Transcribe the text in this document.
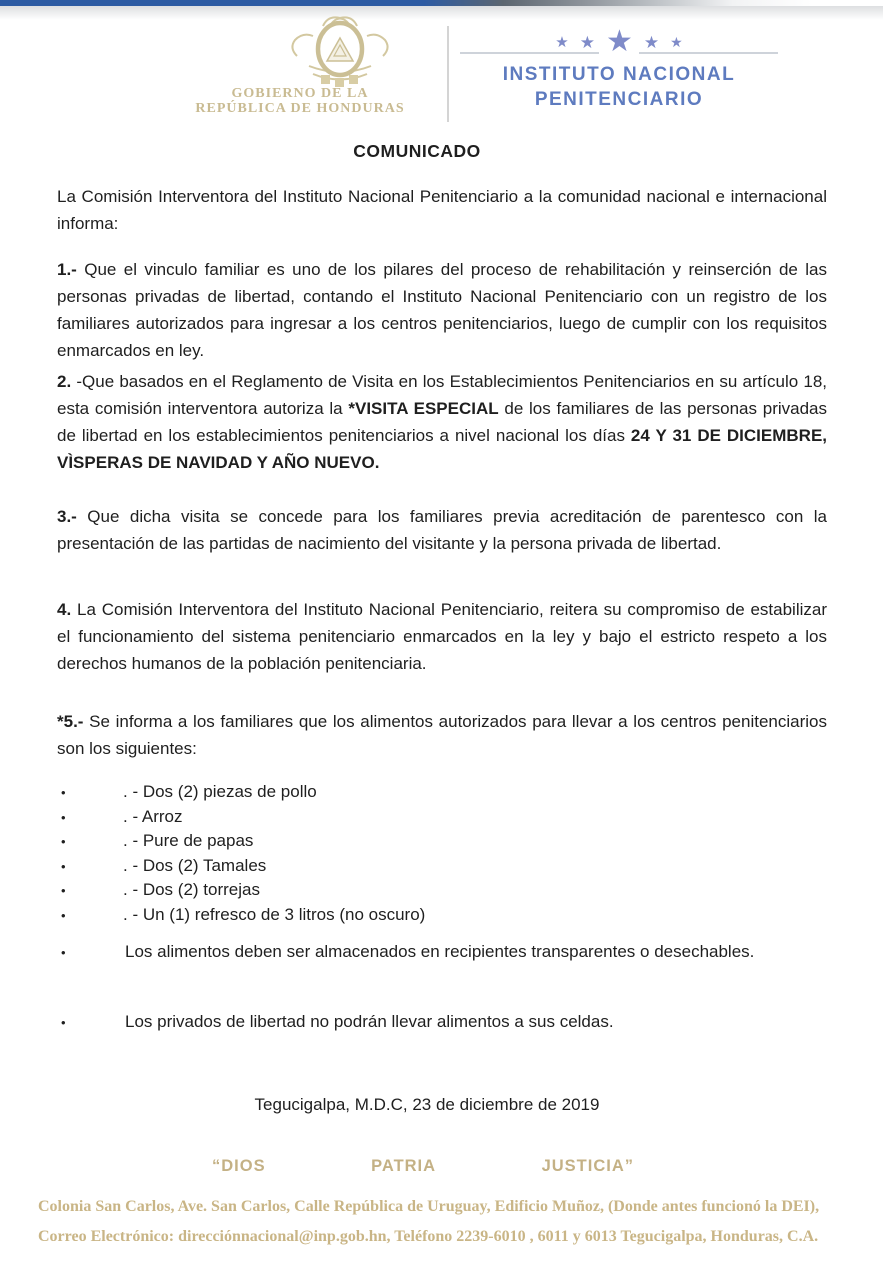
GOBIERNO DE LA
REPÚBLICA DE HONDURAS
★ ★ ★ ★ ★
INSTITUTO NACIONAL
PENITENCIARIO
COMUNICADO

La Comisión Interventora del Instituto Nacional Penitenciario a la comunidad nacional e internacional informa:

1.- Que el vinculo familiar es uno de los pilares del proceso de rehabilitación y reinserción de las personas privadas de libertad, contando el Instituto Nacional Penitenciario con un registro de los familiares autorizados para ingresar a los centros penitenciarios, luego de cumplir con los requisitos enmarcados en ley.

2. -Que basados en el Reglamento de Visita en los Establecimientos Penitenciarios en su artículo 18, esta comisión interventora autoriza la *VISITA ESPECIAL de los familiares de las personas privadas de libertad en los establecimientos penitenciarios a nivel nacional los días 24 Y 31 DE DICIEMBRE, VÌSPERAS DE NAVIDAD Y AÑO NUEVO.

3.- Que dicha visita se concede para los familiares previa acreditación de parentesco con la presentación de las partidas de nacimiento del visitante y la persona privada de libertad.

4. La Comisión Interventora del Instituto Nacional Penitenciario, reitera su compromiso de estabilizar el funcionamiento del sistema penitenciario enmarcados en la ley y bajo el estricto respeto a los derechos humanos de la población penitenciaria.

*5.- Se informa a los familiares que los alimentos autorizados para llevar a los centros penitenciarios son los siguientes:

•	. - Dos (2) piezas de pollo
•	. - Arroz
•	. - Pure de papas
•	. - Dos (2) Tamales
•	. - Dos (2) torrejas
•	. - Un (1) refresco de 3 litros (no oscuro)
•	Los alimentos deben ser almacenados en recipientes transparentes o desechables.
•	Los privados de libertad no podrán llevar alimentos a sus celdas.
Tegucigalpa, M.D.C, 23 de diciembre de 2019
“DIOS	PATRIA	JUSTICIA”
Colonia San Carlos, Ave. San Carlos, Calle República de Uruguay, Edificio Muñoz, (Donde antes funcionó la DEI),
Correo Electrónico: direcciónnacional@inp.gob.hn, Teléfono 2239-6010 , 6011 y 6013 Tegucigalpa, Honduras, C.A.
